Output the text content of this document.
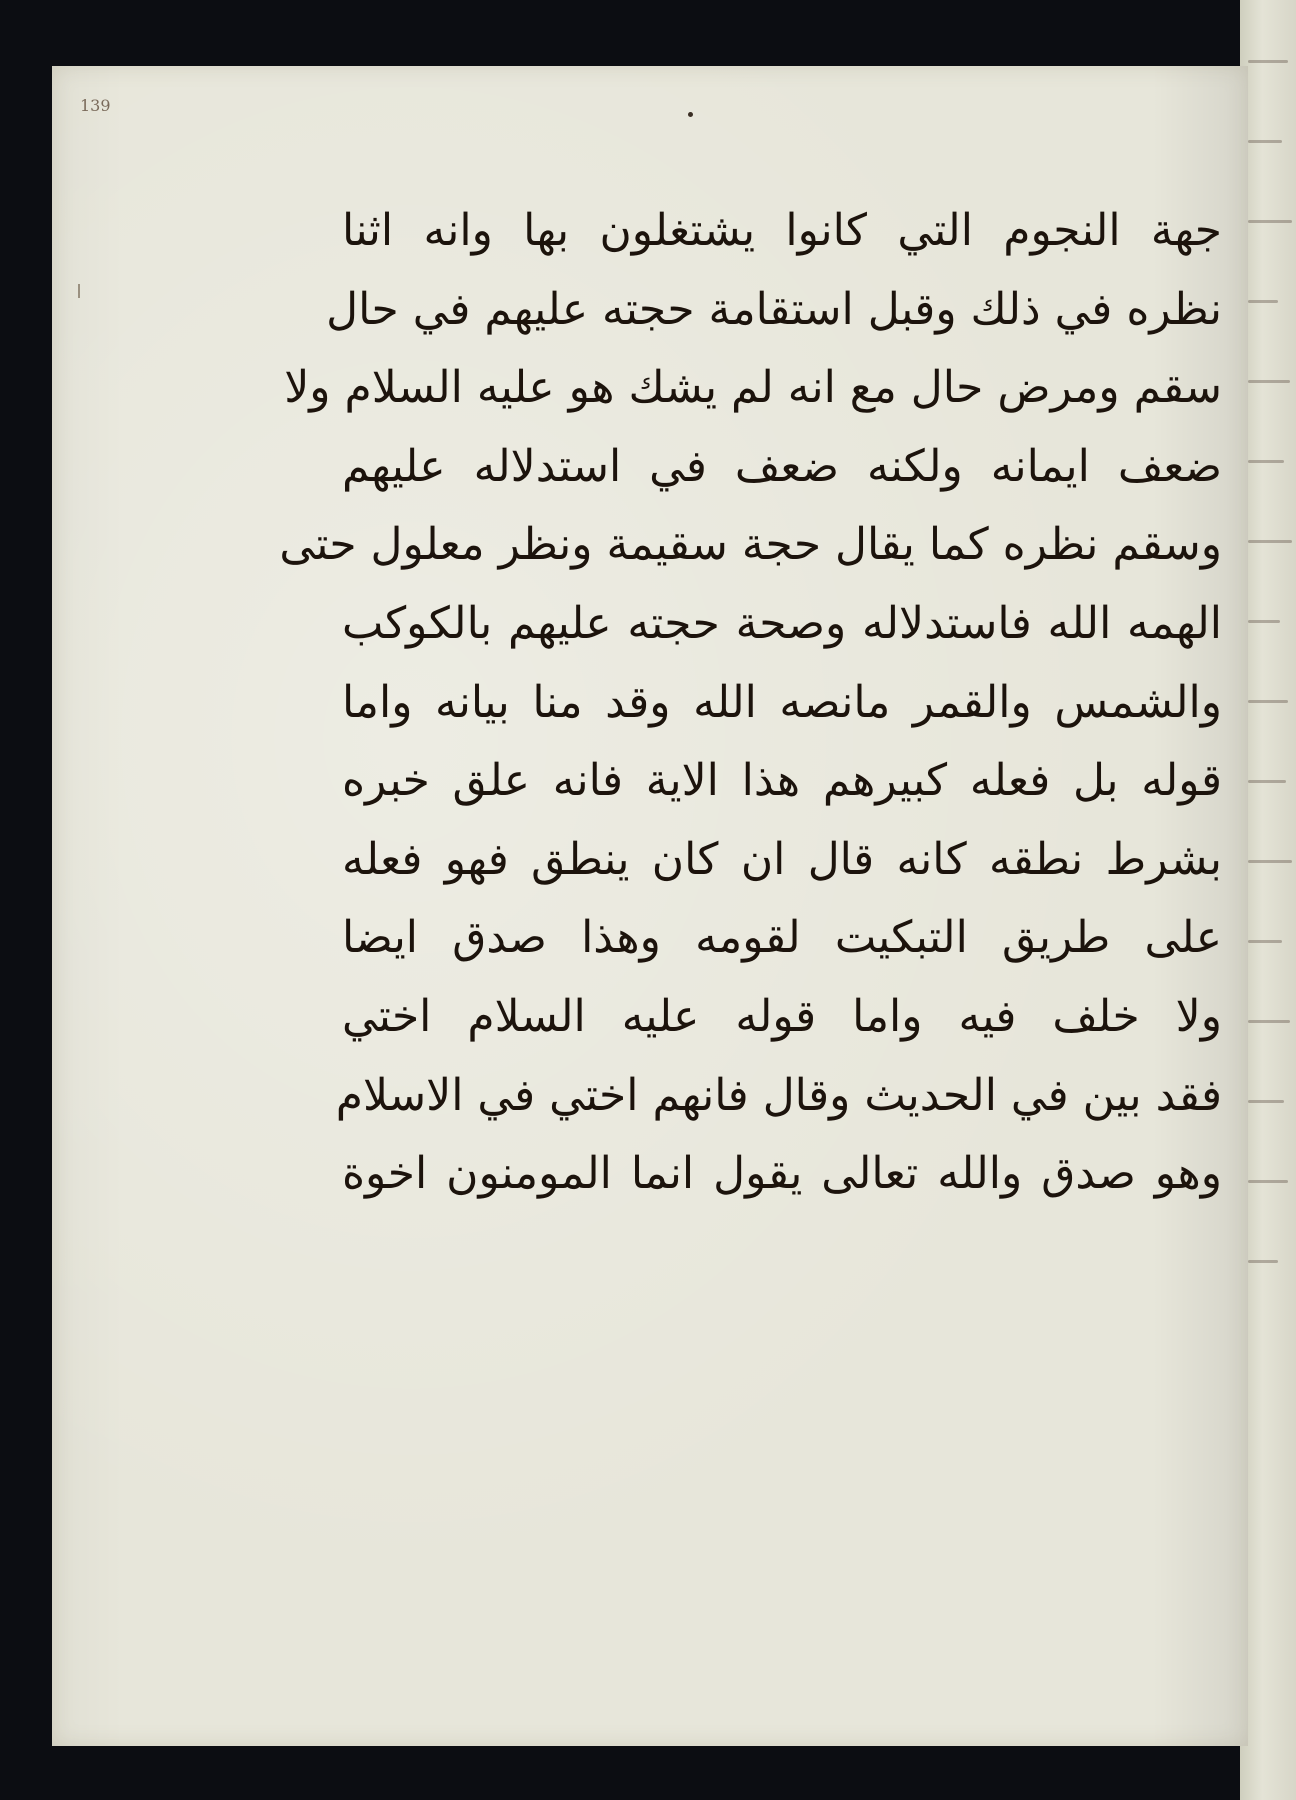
139
جهة النجوم التي كانوا يشتغلون بها وانه اثنا
نظره في ذلك وقبل استقامة حجته عليهم في حال
سقم ومرض حال مع انه لم يشك هو عليه السلام ولا
ضعف ايمانه ولكنه ضعف في استدلاله عليهم
وسقم نظره كما يقال حجة سقيمة ونظر معلول حتى
الهمه الله فاستدلاله وصحة حجته عليهم بالكوكب
والشمس والقمر مانصه الله وقد منا بيانه واما
قوله بل فعله كبيرهم هذا الاية فانه علق خبره
بشرط نطقه كانه قال ان كان ينطق فهو فعله
على طريق التبكيت لقومه وهذا صدق ايضا
ولا خلف فيه واما قوله عليه السلام اختي
فقد بين في الحديث وقال فانهم اختي في الاسلام
وهو صدق والله تعالى يقول انما المومنون اخوة
